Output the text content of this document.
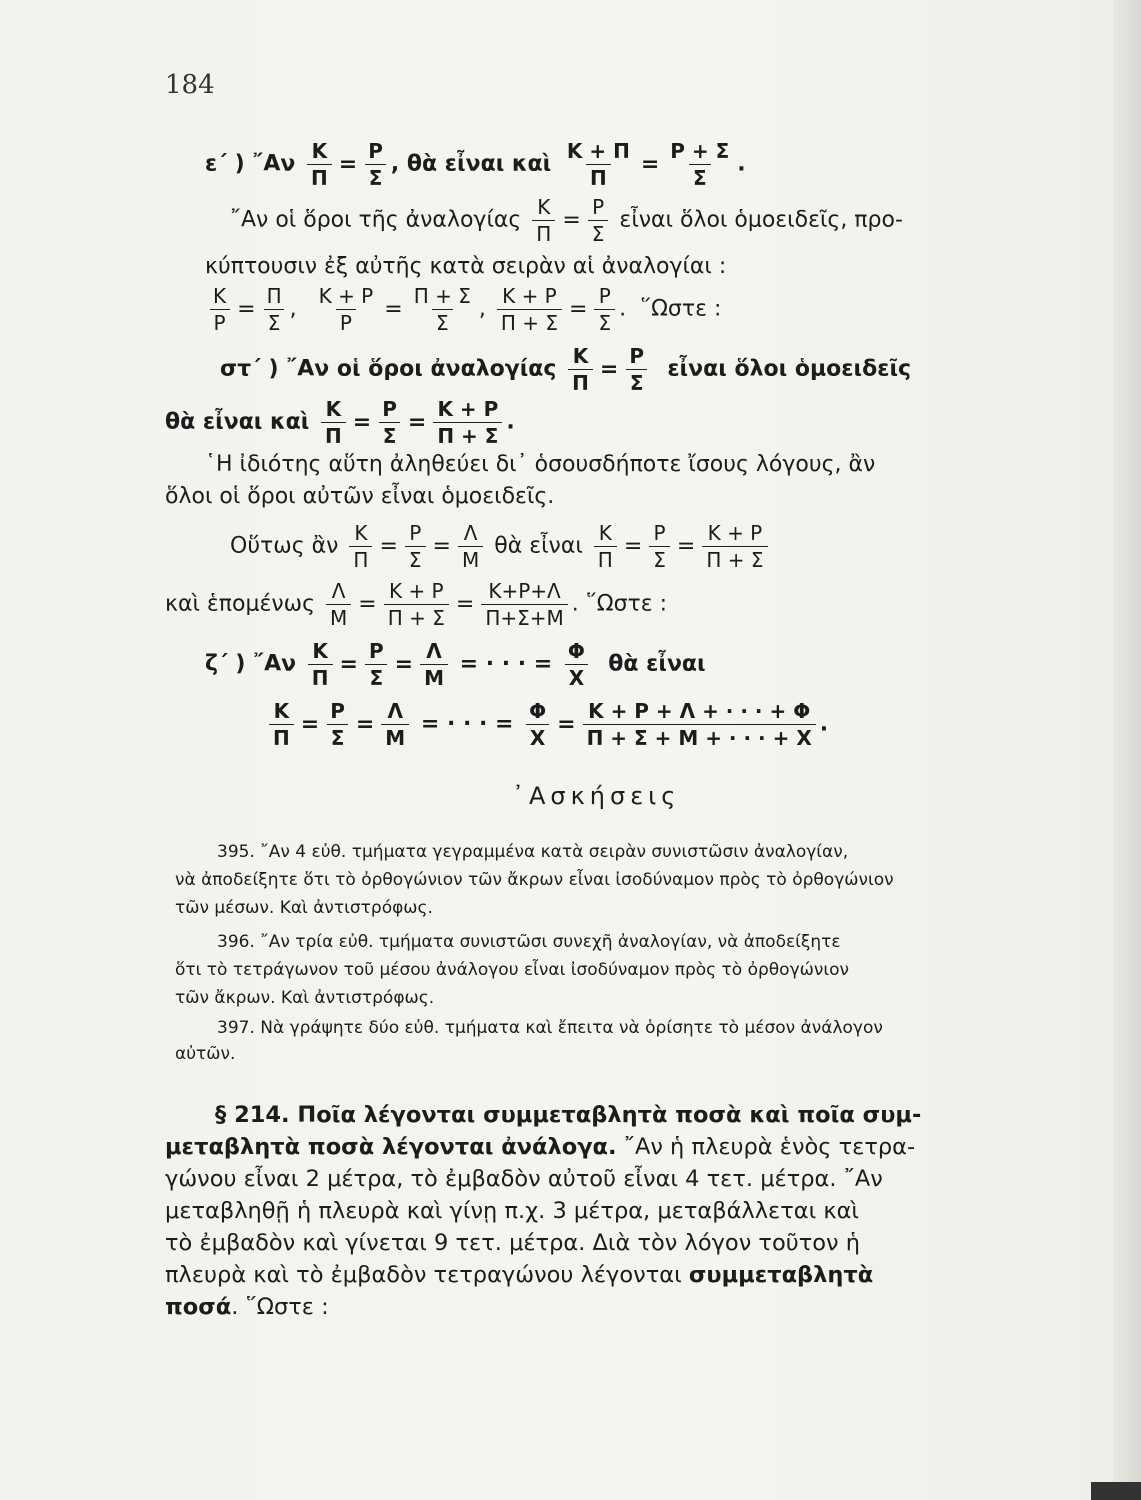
184
ε΄ ) ῎Αν $\frac{K}{\Pi} = \frac{P}{\Sigma}$ , θὰ εἶναι καὶ $\frac{K + \Pi}{\Pi} = \frac{P + \Sigma}{\Sigma}$ .
῎Αν οἱ ὅροι τῆς ἀναλογίας $\frac{K}{\Pi} = \frac{P}{\Sigma}$ εἶναι ὅλοι ὁμοειδεῖς, προ-
κύπτουσιν ἐξ αὐτῆς κατὰ σειρὰν αἱ ἀναλογίαι :
$\frac{K}{P} = \frac{\Pi}{\Sigma}$ , $\frac{K + P}{P} = \frac{\Pi + \Sigma}{\Sigma}$ , $\frac{K + P}{\Pi + \Sigma} = \frac{P}{\Sigma}$ .  ῞Ωστε :
στ΄ ) ῎Αν οἱ ὅροι ἀναλογίας $\frac{K}{\Pi} = \frac{P}{\Sigma}$ εἶναι ὅλοι ὁμοειδεῖς
θὰ εἶναι καὶ $\frac{K}{\Pi} = \frac{P}{\Sigma} = \frac{K + P}{\Pi + \Sigma}$ .
῾Η ἰδιότης αὕτη ἀληθεύει δι᾿ ὁσουσδήποτε ἴσους λόγους, ἂν
ὅλοι οἱ ὅροι αὐτῶν εἶναι ὁμοειδεῖς.
Οὕτως ἂν $\frac{K}{\Pi} = \frac{P}{\Sigma} = \frac{\Lambda}{M}$ θὰ εἶναι $\frac{K}{\Pi} = \frac{P}{\Sigma} = \frac{K + P}{\Pi + \Sigma}$
καὶ ἑπομένως $\frac{\Lambda}{M} = \frac{K + P}{\Pi + \Sigma} = \frac{K+P+\Lambda}{\Pi+\Sigma+M}$ . ῞Ωστε :
ζ΄ ) ῎Αν $\frac{K}{\Pi} = \frac{P}{\Sigma} = \frac{\Lambda}{M}$ = · · · = $\frac{\Phi}{X}$ θὰ εἶναι
$\frac{K}{\Pi} = \frac{P}{\Sigma} = \frac{\Lambda}{M}$ = · · · = $\frac{\Phi}{X} = \frac{K + P + \Lambda + \cdot \cdot \cdot + \Phi}{\Pi + \Sigma + M + \cdot \cdot \cdot + X}$ .
᾿Ασκήσεις
395. ῎Αν 4 εὐθ. τμήματα γεγραμμένα κατὰ σειρὰν συνιστῶσιν ἀναλογίαν,
νὰ ἀποδείξητε ὅτι τὸ ὀρθογώνιον τῶν ἄκρων εἶναι ἰσοδύναμον πρὸς τὸ ὀρθογώνιον
τῶν μέσων. Καὶ ἀντιστρόφως.
396. ῎Αν τρία εὐθ. τμήματα συνιστῶσι συνεχῆ ἀναλογίαν, νὰ ἀποδείξητε
ὅτι τὸ τετράγωνον τοῦ μέσου ἀνάλογου εἶναι ἰσοδύναμον πρὸς τὸ ὀρθογώνιον
τῶν ἄκρων. Καὶ ἀντιστρόφως.
397. Νὰ γράψητε δύο εὐθ. τμήματα καὶ ἔπειτα νὰ ὁρίσητε τὸ μέσον ἀνάλογον
αὐτῶν.
§ 214. Ποῖα λέγονται συμμεταβλητὰ ποσὰ καὶ ποῖα συμ-
μεταβλητὰ ποσὰ λέγονται ἀνάλογα. ῎Αν ἡ πλευρὰ ἑνὸς τετρα-
γώνου εἶναι 2 μέτρα, τὸ ἐμβαδὸν αὐτοῦ εἶναι 4 τετ. μέτρα. ῎Αν
μεταβληθῇ ἡ πλευρὰ καὶ γίνῃ π.χ. 3 μέτρα, μεταβάλλεται καὶ
τὸ ἐμβαδὸν καὶ γίνεται 9 τετ. μέτρα. Διὰ τὸν λόγον τοῦτον ἡ
πλευρὰ καὶ τὸ ἐμβαδὸν τετραγώνου λέγονται συμμεταβλητὰ
ποσά. ῞Ωστε :
